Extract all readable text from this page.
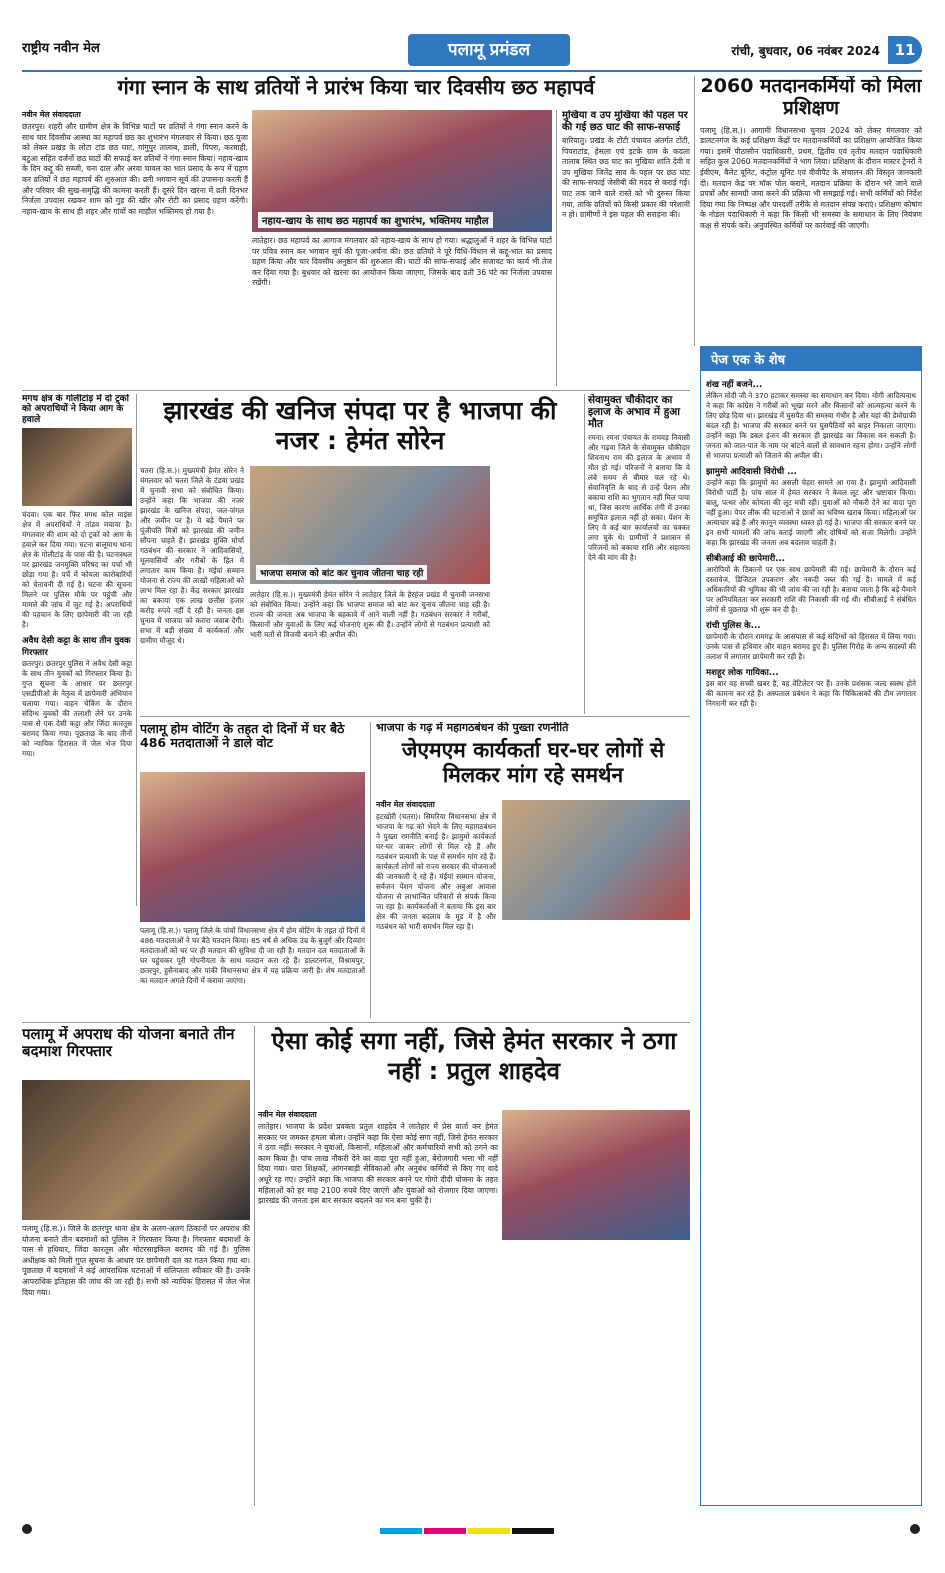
राष्ट्रीय नवीन मेल	पलामू प्रमंडल	रांची, बुधवार, 06 नवंबर 2024 11
गंगा स्नान के साथ व्रतियों ने प्रारंभ किया चार दिवसीय छठ महापर्व
नवीन मेल संवाददाता
छतरपुर। शहरी और ग्रामीण क्षेत्र के विभिन्न घाटों पर व्रतियों ने गंगा स्नान करने के साथ चार दिवसीय आस्था का महापर्व छठ का शुभारंभ मंगलवार से किया। छठ पूजा को लेकर प्रखंड के लोटा टांड छठ घाट, गांगुपुर तालाब, डाली, पिपरा, करमाही, बटुआ सहित दर्जनों छठ घाटों की सफाई कर व्रतियों ने गंगा स्नान किया। नहाय-खाय के दिन कद्दू की सब्जी, चना दाल और अरवा चावल का भात प्रसाद के रूप में ग्रहण कर व्रतियों ने छठ महापर्व की शुरुआत की। व्रती भगवान सूर्य की उपासना करती हैं और परिवार की सुख-समृद्धि की कामना करती हैं। दूसरे दिन खरना में व्रती दिनभर निर्जला उपवास रखकर शाम को गुड़ की खीर और रोटी का प्रसाद ग्रहण करेंगी। नहाय-खाय के साथ ही शहर और गांवों का माहौल भक्तिमय हो गया है।
नहाय-खाय के साथ छठ महापर्व का शुभारंभ, भक्तिमय माहौल
लातेहार। छठ महापर्व का आगाज मंगलवार को नहाय-खाय के साथ हो गया। श्रद्धालुओं ने शहर के विभिन्न घाटों पर पवित्र स्नान कर भगवान सूर्य की पूजा-अर्चना की। छठ व्रतियों ने पूरे विधि-विधान से कद्दू-भात का प्रसाद ग्रहण किया और चार दिवसीय अनुष्ठान की शुरुआत की। घाटों की साफ-सफाई और सजावट का कार्य भी तेज कर दिया गया है। बुधवार को खरना का आयोजन किया जाएगा, जिसके बाद व्रती 36 घंटे का निर्जला उपवास रखेंगी।
मुखिया व उप मुखिया की पहल पर की गई छठ घाट की साफ-सफाई
बारियातु। प्रखंड के टोंटी पंचायत अंतर्गत टोंटी, पिपराटांड, हेसला एवं इटके ग्राम के कदला तालाब स्थित छठ घाट का मुखिया शांति देवी व उप मुखिया जितेंद्र साव के पहल पर छठ घाट की साफ-सफाई जेसीबी की मदद से कराई गई। घाट तक जाने वाले रास्ते को भी दुरुस्त किया गया, ताकि व्रतियों को किसी प्रकार की परेशानी न हो। ग्रामीणों ने इस पहल की सराहना की।
2060 मतदानकर्मियों को मिला प्रशिक्षण
पलामू (हि.स.)। आगामी विधानसभा चुनाव 2024 को लेकर मंगलवार को डालटनगंज के कई प्रशिक्षण केंद्रों पर मतदानकर्मियों का प्रशिक्षण आयोजित किया गया। इसमें पीठासीन पदाधिकारी, प्रथम, द्वितीय एवं तृतीय मतदान पदाधिकारी सहित कुल 2060 मतदानकर्मियों ने भाग लिया। प्रशिक्षण के दौरान मास्टर ट्रेनरों ने ईवीएम, बैलेट यूनिट, कंट्रोल यूनिट एवं वीवीपैट के संचालन की विस्तृत जानकारी दी। मतदान केंद्र पर मॉक पोल कराने, मतदान प्रक्रिया के दौरान भरे जाने वाले प्रपत्रों और सामग्री जमा करने की प्रक्रिया भी समझाई गई। सभी कर्मियों को निर्देश दिया गया कि निष्पक्ष और पारदर्शी तरीके से मतदान संपन्न कराएं। प्रशिक्षण कोषांग के नोडल पदाधिकारी ने कहा कि किसी भी समस्या के समाधान के लिए नियंत्रण कक्ष से संपर्क करें। अनुपस्थित कर्मियों पर कार्रवाई की जाएगी।
मगध क्षेत्र के गोलीटांड़ में दो ट्रकों को अपराधियों ने किया आग के हवाले
चंदवा। एक बार फिर मगध कोल माइंस क्षेत्र में अपराधियों ने तांडव मचाया है। मंगलवार की शाम को दो ट्रकों को आग के हवाले कर दिया गया। घटना बालूमाथ थाना क्षेत्र के गोलीटांड़ के पास की है। घटनास्थल पर झारखंड जनमुक्ति परिषद का पर्चा भी छोड़ा गया है। पर्चे में कोयला कारोबारियों को चेतावनी दी गई है। घटना की सूचना मिलने पर पुलिस मौके पर पहुंची और मामले की जांच में जुट गई है। अपराधियों की पहचान के लिए छापेमारी की जा रही है।
अवैध देसी कट्टा के साथ तीन युवक गिरफ्तार
छतरपुर। छतरपुर पुलिस ने अवैध देसी कट्टा के साथ तीन युवकों को गिरफ्तार किया है। गुप्त सूचना के आधार पर छतरपुर एसडीपीओ के नेतृत्व में छापेमारी अभियान चलाया गया। वाहन चेकिंग के दौरान संदिग्ध युवकों की तलाशी लेने पर उनके पास से एक देसी कट्टा और जिंदा कारतूस बरामद किया गया। पूछताछ के बाद तीनों को न्यायिक हिरासत में जेल भेज दिया गया।
झारखंड की खनिज संपदा पर है भाजपा की नजर : हेमंत सोरेन
चतरा (हि.स.)। मुख्यमंत्री हेमंत सोरेन ने मंगलवार को चतरा जिले के टंडवा प्रखंड में चुनावी सभा को संबोधित किया। उन्होंने कहा कि भाजपा की नजर झारखंड के खनिज संपदा, जल-जंगल और जमीन पर है। ये बड़े पैमाने पर पूंजीपति मित्रों को झारखंड की जमीन सौंपना चाहते हैं। झारखंड मुक्ति मोर्चा गठबंधन की सरकार ने आदिवासियों, मूलवासियों और गरीबों के हित में लगातार काम किया है। मंईयां सम्मान योजना से राज्य की लाखों महिलाओं को लाभ मिल रहा है। केंद्र सरकार झारखंड का बकाया एक लाख छत्तीस हजार करोड़ रुपये नहीं दे रही है। जनता इस चुनाव में भाजपा को करारा जवाब देगी। सभा में बड़ी संख्या में कार्यकर्ता और ग्रामीण मौजूद थे।
भाजपा समाज को बांट कर चुनाव जीतना चाह रही
लातेहार (हि.स.)। मुख्यमंत्री हेमंत सोरेन ने लातेहार जिले के हेरहंज प्रखंड में चुनावी जनसभा को संबोधित किया। उन्होंने कहा कि भाजपा समाज को बांट कर चुनाव जीतना चाह रही है। राज्य की जनता अब भाजपा के बहकावे में आने वाली नहीं है। गठबंधन सरकार ने गरीबों, किसानों और युवाओं के लिए कई योजनाएं शुरू की हैं। उन्होंने लोगों से गठबंधन प्रत्याशी को भारी मतों से विजयी बनाने की अपील की।
सेवामुक्त चौकीदार का इलाज के अभाव में हुआ मौत
रमना। रमना पंचायत के रामवड़ निवासी और गढ़वा जिले के सेवामुक्त चौकीदार शिवनाथ राम की इलाज के अभाव में मौत हो गई। परिजनों ने बताया कि वे लंबे समय से बीमार चल रहे थे। सेवानिवृत्ति के बाद से उन्हें पेंशन और बकाया राशि का भुगतान नहीं मिल पाया था, जिस कारण आर्थिक तंगी में उनका समुचित इलाज नहीं हो सका। पेंशन के लिए वे कई बार कार्यालयों का चक्कर लगा चुके थे। ग्रामीणों ने प्रशासन से परिजनों को बकाया राशि और सहायता देने की मांग की है।
पेज एक के शेष
शंख नहीं बजने...
लेकिन मोदी जी ने 370 हटाकर समस्या का समाधान कर दिया। योगी आदित्यनाथ ने कहा कि कांग्रेस ने गरीबों को भूखा मरने और किसानों को आत्महत्या करने के लिए छोड़ दिया था। झारखंड में घुसपैठ की समस्या गंभीर है और यहां की डेमोग्राफी बदल रही है। भाजपा की सरकार बनने पर घुसपैठियों को बाहर निकाला जाएगा। उन्होंने कहा कि डबल इंजन की सरकार ही झारखंड का विकास कर सकती है। जनता को जात-पात के नाम पर बांटने वालों से सावधान रहना होगा। उन्होंने लोगों से भाजपा प्रत्याशी को जिताने की अपील की।
झामुमो आदिवासी विरोधी ...
उन्होंने कहा कि झामुमो का असली चेहरा सामने आ गया है। झामुमो आदिवासी विरोधी पार्टी है। पांच साल में हेमंत सरकार ने केवल लूट और भ्रष्टाचार किया। बालू, पत्थर और कोयला की लूट मची रही। युवाओं को नौकरी देने का वादा पूरा नहीं हुआ। पेपर लीक की घटनाओं ने छात्रों का भविष्य खराब किया। महिलाओं पर अत्याचार बढ़े हैं और कानून व्यवस्था ध्वस्त हो गई है। भाजपा की सरकार बनने पर इन सभी मामलों की जांच कराई जाएगी और दोषियों को सजा मिलेगी। उन्होंने कहा कि झारखंड की जनता अब बदलाव चाहती है।
सीबीआई की छापेमारी...
आरोपियों के ठिकानों पर एक साथ छापेमारी की गई। छापेमारी के दौरान कई दस्तावेज, डिजिटल उपकरण और नकदी जब्त की गई है। मामले में कई अधिकारियों की भूमिका की भी जांच की जा रही है। बताया जाता है कि बड़े पैमाने पर अनियमितता कर सरकारी राशि की निकासी की गई थी। सीबीआई ने संबंधित लोगों से पूछताछ भी शुरू कर दी है।
रांची पुलिस के...
छापेमारी के दौरान रामगढ़ के आसपास से कई संदिग्धों को हिरासत में लिया गया। उनके पास से हथियार और वाहन बरामद हुए हैं। पुलिस गिरोह के अन्य सदस्यों की तलाश में लगातार छापेमारी कर रही है।
मशहूर लोक गायिका...
इस बार वह सच्ची खबर है, वह वेंटिलेटर पर हैं। उनके प्रशंसक जल्द स्वस्थ होने की कामना कर रहे हैं। अस्पताल प्रबंधन ने कहा कि चिकित्सकों की टीम लगातार निगरानी कर रही है।
पलामू होम वोटिंग के तहत दो दिनों में घर बैठे 486 मतदाताओं ने डाले वोट
पलामू (हि.स.)। पलामू जिले के पांचों विधानसभा क्षेत्र में होम वोटिंग के तहत दो दिनों में 486 मतदाताओं ने घर बैठे मतदान किया। 85 वर्ष से अधिक उम्र के बुजुर्ग और दिव्यांग मतदाताओं को घर पर ही मतदान की सुविधा दी जा रही है। मतदान दल मतदाताओं के घर पहुंचकर पूरी गोपनीयता के साथ मतदान करा रहे हैं। डालटनगंज, विश्रामपुर, छतरपुर, हुसैनाबाद और पांकी विधानसभा क्षेत्र में यह प्रक्रिया जारी है। शेष मतदाताओं का मतदान अगले दिनों में कराया जाएगा।
भाजपा के गढ़ में महागठबंधन की पुख्ता रणनीति
जेएमएम कार्यकर्ता घर-घर लोगों से मिलकर मांग रहे समर्थन
नवीन मेल संवाददाता
हटखोरी (चतरा)। सिमरिया विधानसभा क्षेत्र में भाजपा के गढ़ को भेदने के लिए महागठबंधन ने पुख्ता रणनीति बनाई है। झामुमो कार्यकर्ता घर-घर जाकर लोगों से मिल रहे हैं और गठबंधन प्रत्याशी के पक्ष में समर्थन मांग रहे हैं। कार्यकर्ता लोगों को राज्य सरकार की योजनाओं की जानकारी दे रहे हैं। मंईयां सम्मान योजना, सर्वजन पेंशन योजना और अबुआ आवास योजना से लाभान्वित परिवारों से संपर्क किया जा रहा है। कार्यकर्ताओं ने बताया कि इस बार क्षेत्र की जनता बदलाव के मूड में है और गठबंधन को भारी समर्थन मिल रहा है।
पलामू में अपराध की योजना बनाते तीन बदमाश गिरफ्तार
पलामू (हि.स.)। जिले के छतरपुर थाना क्षेत्र के अलग-अलग ठिकानों पर अपराध की योजना बनाते तीन बदमाशों को पुलिस ने गिरफ्तार किया है। गिरफ्तार बदमाशों के पास से हथियार, जिंदा कारतूस और मोटरसाइकिल बरामद की गई है। पुलिस अधीक्षक को मिली गुप्त सूचना के आधार पर छापेमारी दल का गठन किया गया था। पूछताछ में बदमाशों ने कई आपराधिक घटनाओं में संलिप्तता स्वीकार की है। उनके आपराधिक इतिहास की जांच की जा रही है। सभी को न्यायिक हिरासत में जेल भेज दिया गया।
ऐसा कोई सगा नहीं, जिसे हेमंत सरकार ने ठगा नहीं : प्रतुल शाहदेव
नवीन मेल संवाददाता
लातेहार। भाजपा के प्रदेश प्रवक्ता प्रतुल शाहदेव ने लातेहार में प्रेस वार्ता कर हेमंत सरकार पर जमकर हमला बोला। उन्होंने कहा कि ऐसा कोई सगा नहीं, जिसे हेमंत सरकार ने ठगा नहीं। सरकार ने युवाओं, किसानों, महिलाओं और कर्मचारियों सभी को ठगने का काम किया है। पांच लाख नौकरी देने का वादा पूरा नहीं हुआ, बेरोजगारी भत्ता भी नहीं दिया गया। पारा शिक्षकों, आंगनबाड़ी सेविकाओं और अनुबंध कर्मियों से किए गए वादे अधूरे रह गए। उन्होंने कहा कि भाजपा की सरकार बनने पर गोगो दीदी योजना के तहत महिलाओं को हर माह 2100 रुपये दिए जाएंगे और युवाओं को रोजगार दिया जाएगा। झारखंड की जनता इस बार सरकार बदलने का मन बना चुकी है।
